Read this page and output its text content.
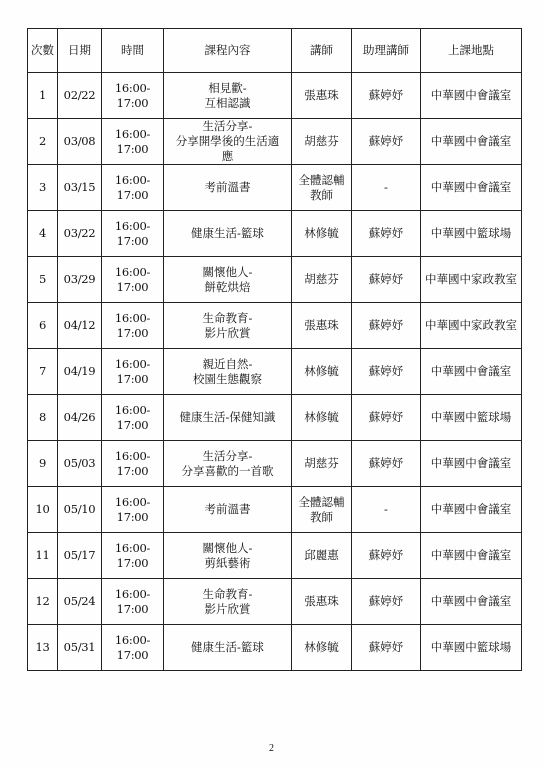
次數	日期	時間	課程內容	講師	助理講師	上課地點
1	02/22	16:00-17:00	相見歡-
互相認識	張惠珠	蘇婷妤	中華國中會議室
2	03/08	16:00-17:00	生活分享-
分享開學後的生活適
應	胡慈芬	蘇婷妤	中華國中會議室
3	03/15	16:00-17:00	考前溫書	全體認輔
教師	-	中華國中會議室
4	03/22	16:00-17:00	健康生活-籃球	林修毓	蘇婷妤	中華國中籃球場
5	03/29	16:00-17:00	關懷他人-
餅乾烘焙	胡慈芬	蘇婷妤	中華國中家政教室
6	04/12	16:00-17:00	生命教育-
影片欣賞	張惠珠	蘇婷妤	中華國中家政教室
7	04/19	16:00-17:00	親近自然-
校園生態觀察	林修毓	蘇婷妤	中華國中會議室
8	04/26	16:00-17:00	健康生活-保健知識	林修毓	蘇婷妤	中華國中籃球場
9	05/03	16:00-17:00	生活分享-
分享喜歡的一首歌	胡慈芬	蘇婷妤	中華國中會議室
10	05/10	16:00-17:00	考前溫書	全體認輔
教師	-	中華國中會議室
11	05/17	16:00-17:00	關懷他人-
剪紙藝術	邱麗惠	蘇婷妤	中華國中會議室
12	05/24	16:00-17:00	生命教育-
影片欣賞	張惠珠	蘇婷妤	中華國中會議室
13	05/31	16:00-17:00	健康生活-籃球	林修毓	蘇婷妤	中華國中籃球場
2
